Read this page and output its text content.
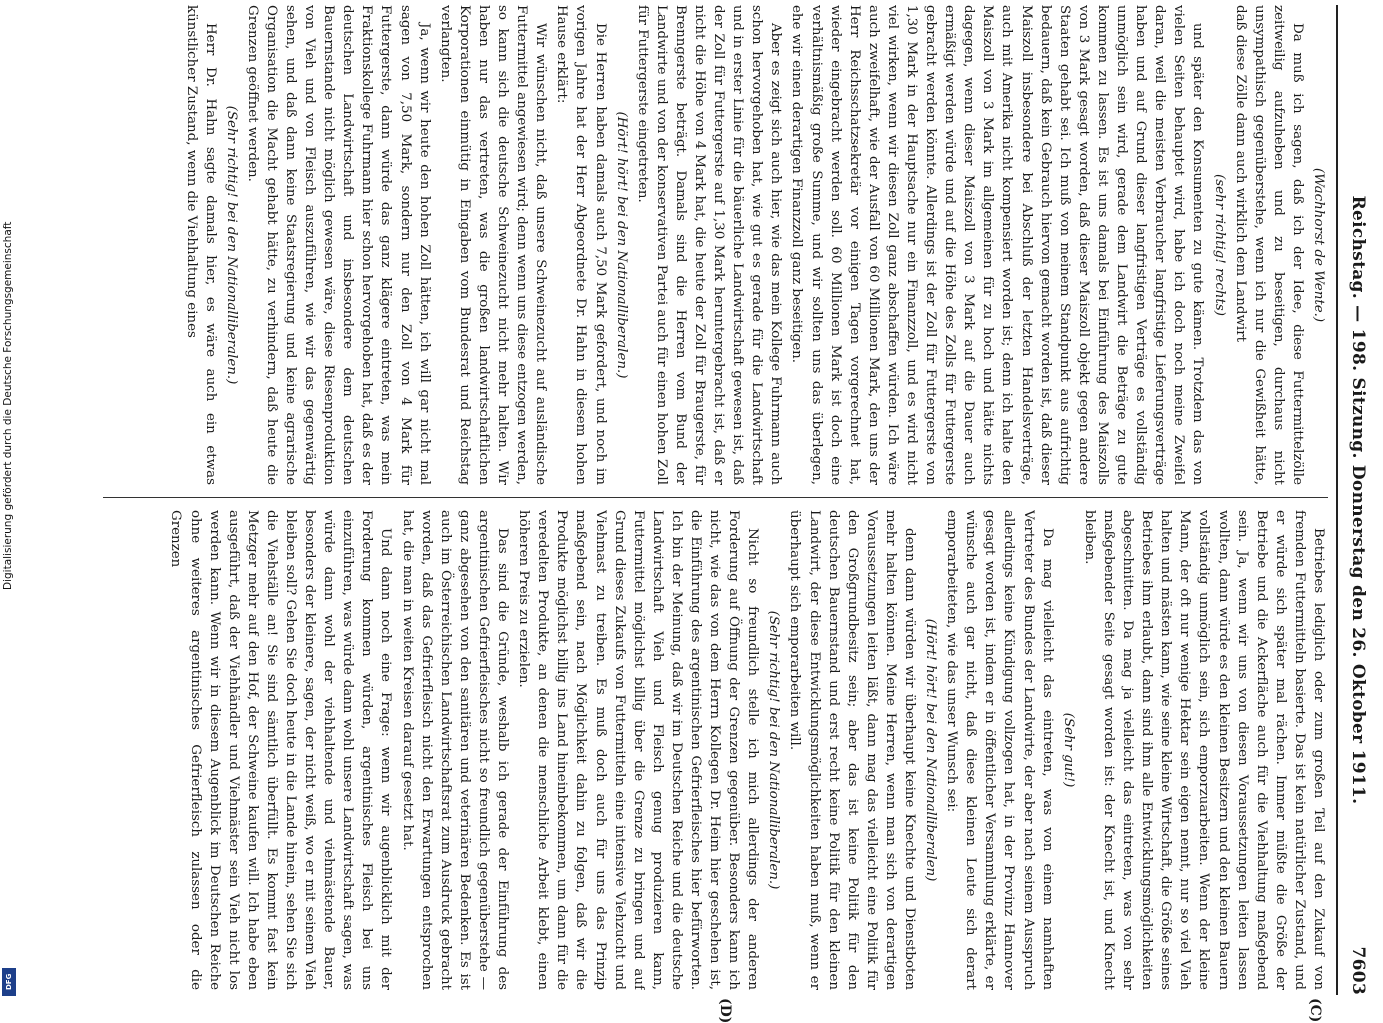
Reichstag. — 198. Sitzung. Donnerstag den 26. Oktober 1911.
7603

(Wachhorst de Wente.)

Da muß ich sagen, daß ich der Idee, diese Futtermittelzölle zeitweilig aufzuheben und zu beseitigen, durchaus nicht unsympathisch gegenüberstehe, wenn ich nur die Gewißheit hätte, daß diese Zölle dann auch wirklich dem Landwirt

(sehr richtig! rechts)

und später den Konsumenten zu gute kämen. Trotzdem das von vielen Seiten behauptet wird, habe ich doch noch meine Zweifel daran, weil die meisten Verbraucher langfristige Lieferungsverträge haben und auf Grund dieser langfristigen Verträge es vollständig unmöglich sein wird, gerade dem Landwirt die Beträge zu gute kommen zu lassen. Es ist uns damals bei Einführung des Maiszolls von 3 Mark gesagt worden, daß dieser Maiszoll objekt gegen andere Staaten gehabt sei. Ich muß von meinem Standpunkt aus aufrichtig bedauern, daß kein Gebrauch hiervon gemacht worden ist, daß dieser Maiszoll insbesondere bei Abschluß der letzten Handelsverträge, auch mit Amerika nicht kompensiert worden ist; denn ich halte den Maiszoll von 3 Mark im allgemeinen für zu hoch und hätte nichts dagegen, wenn dieser Maiszoll von 3 Mark auf die Dauer auch ermäßigt werden würde und auf die Höhe des Zolls für Futtergerste gebracht werden könnte. Allerdings ist der Zoll für Futtergerste von 1,30 Mark in der Hauptsache nur ein Finanzzoll, und es wird nicht viel wirken, wenn wir diesen Zoll ganz abschaffen würden. Ich wäre auch zweifelhaft, wie der Ausfall von 60 Millionen Mark, den uns der Herr Reichsschatzsekretär vor einigen Tagen vorgerechnet hat, wieder eingebracht werden soll. 60 Millionen Mark ist doch eine verhältnismäßig große Summe, und wir sollten uns das überlegen, ehe wir einen derartigen Finanzzoll ganz beseitigen.

Aber es zeigt sich auch hier, wie das mein Kollege Fuhrmann auch schon hervorgehoben hat, wie gut es gerade für die Landwirtschaft und in erster Linie für die bäuerliche Landwirtschaft gewesen ist, daß der Zoll für Futtergerste auf 1,30 Mark heruntergebracht ist, daß er nicht die Höhe von 4 Mark hat, die heute der Zoll für Braugerste, für Brenngerste beträgt. Damals sind die Herren vom Bund der Landwirte und von der konservativen Partei auch für einen hohen Zoll für Futtergerste eingetreten.

(Hört! hört! bei den Nationalliberalen.)

Die Herren haben damals auch 7,50 Mark gefordert, und noch im vorigen Jahre hat der Herr Abgeordnete Dr. Hahn in diesem hohen Hause erklärt:

Wir wünschen nicht, daß unsere Schweinezucht auf ausländische Futtermittel angewiesen wird; denn wenn uns diese entzogen werden, so kann sich die deutsche Schweinezucht nicht mehr halten. Wir haben nur das vertreten, was die großen landwirtschaftlichen Korporationen einmütig in Eingaben vom Bundesrat und Reichstag verlangten.

Ja, wenn wir heute den hohen Zoll hätten, ich will gar nicht mal sagen von 7,50 Mark, sondern nur den Zoll von 4 Mark für Futtergerste, dann würde das ganz klägere eintreten, was mein Fraktionskollege Fuhrmann hier schon hervorgehoben hat, daß es der deutschen Landwirtschaft und insbesondere dem deutschen Bauernstande nicht möglich gewesen wäre, diese Riesenproduktion von Vieh und von Fleisch auszuführen, wie wir das gegenwärtig sehen, und daß dann keine Staatsregierung und keine agrarische Organisation die Macht gehabt hätte, zu verhindern, daß heute die Grenzen geöffnet werden.

(Sehr richtig! bei den Nationalliberalen.)

Herr Dr. Hahn sagte damals hier, es wäre auch ein etwas künstlicher Zustand, wenn die Viehhaltung eines

Betriebes lediglich oder zum großen Teil auf den Zukauf von fremden Futtermitteln basierte. Das ist kein natürlicher Zustand, und er würde sich später mal rächen. Immer müßte die Größe der Betriebe und die Ackerfläche auch für die Viehhaltung maßgebend sein. Ja, wenn wir uns von diesen Voraussetzungen leiten lassen wollten, dann würde es den kleinen Besitzern und den kleinen Bauern vollständig unmöglich sein, sich emporzuarbeiten. Wenn der kleine Mann, der oft nur wenige Hektar sein eigen nennt, nur so viel Vieh halten und mästen kann, wie seine kleine Wirtschaft, die Größe seines Betriebes ihm erlaubt, dann sind ihm alle Entwicklungsmöglichkeiten abgeschnitten. Da mag ja vielleicht das eintreten, was von sehr maßgebender Seite gesagt worden ist: der Knecht ist, und Knecht bleiben.

(Sehr gut!)

Da mag vielleicht das eintreten, was von einem namhaften Vertreter des Bundes der Landwirte, der aber nach seinem Ausspruch allerdings keine Kündigung vollzogen hat, in der Provinz Hannover gesagt worden ist, indem er in öffentlicher Versammlung erklärte, er wünsche auch gar nicht, daß diese kleinen Leute sich derart emporarbeiteten, wie das unser Wunsch sei:

(Hört! hört! bei den Nationalliberalen)

denn dann würden wir überhaupt keine Knechte und Dienstboten mehr halten können. Meine Herren, wenn man sich von derartigen Voraussetzungen leiten läßt, dann mag das vielleicht eine Politik für den Großgrundbesitz sein; aber das ist keine Politik für den deutschen Bauernstand und erst recht keine Politik für den kleinen Landwirt, der diese Entwicklungsmöglichkeiten haben muß, wenn er überhaupt sich emporarbeiten will.

(Sehr richtig! bei den Nationalliberalen.)

Nicht so freundlich stelle ich mich allerdings der anderen Forderung auf Öffnung der Grenzen gegenüber. Besonders kann ich nicht, wie das von dem Herrn Kollegen Dr. Heim hier geschehen ist, die Einführung des argentinischen Gefrierfleisches hier befürworten. Ich bin der Meinung, daß wir im Deutschen Reiche und die deutsche Landwirtschaft Vieh und Fleisch genug produzieren kann, Futtermittel möglichst billig über die Grenze zu bringen und auf Grund dieses Zukaufs von Futtermitteln eine intensive Viehzucht und Viehmast zu treiben. Es muß doch auch für uns das Prinzip maßgebend sein, nach Möglichkeit dahin zu folgen, daß wir die Produkte möglichst billig ins Land hineinbekommen, um dann für die veredelten Produkte, an denen die menschliche Arbeit klebt, einen höheren Preis zu erzielen.

Das sind die Gründe, weshalb ich gerade der Einführung des argentinischen Gefrierfleisches nicht so freundlich gegenüberstehe — ganz abgesehen von den sanitären und veterinären Bedenken. Es ist auch im Österreichischen Landwirtschaftsrat zum Ausdruck gebracht worden, daß das Gefrierfleisch nicht den Erwartungen entsprochen hat, die man in weiten Kreisen darauf gesetzt hat.

Und dann noch eine Frage: wenn wir augenblicklich mit der Forderung kommen würden, argentinisches Fleisch bei uns einzuführen, was würde dann wohl unsere Landwirtschaft sagen, was würde dann wohl der viehhaltende und viehmästende Bauer, besonders der kleinere, sagen, der nicht weiß, wo er mit seinem Vieh bleiben soll? Gehen Sie doch heute in die Lande hinein, sehen Sie sich die Viehställe an! Sie sind sämtlich überfüllt. Es kommt fast kein Metzger mehr auf den Hof, der Schweine kaufen will. Ich habe eben ausgeführt, daß der Viehhändler und Viehmäster sein Vieh nicht los werden kann. Wenn wir in diesem Augenblick im Deutschen Reiche ohne weiteres argentinisches Gefrierfleisch zulassen oder die Grenzen

(C)
(D)
Digitalisierung gefördert durch die Deutsche Forschungsgemeinschaft
DFG
